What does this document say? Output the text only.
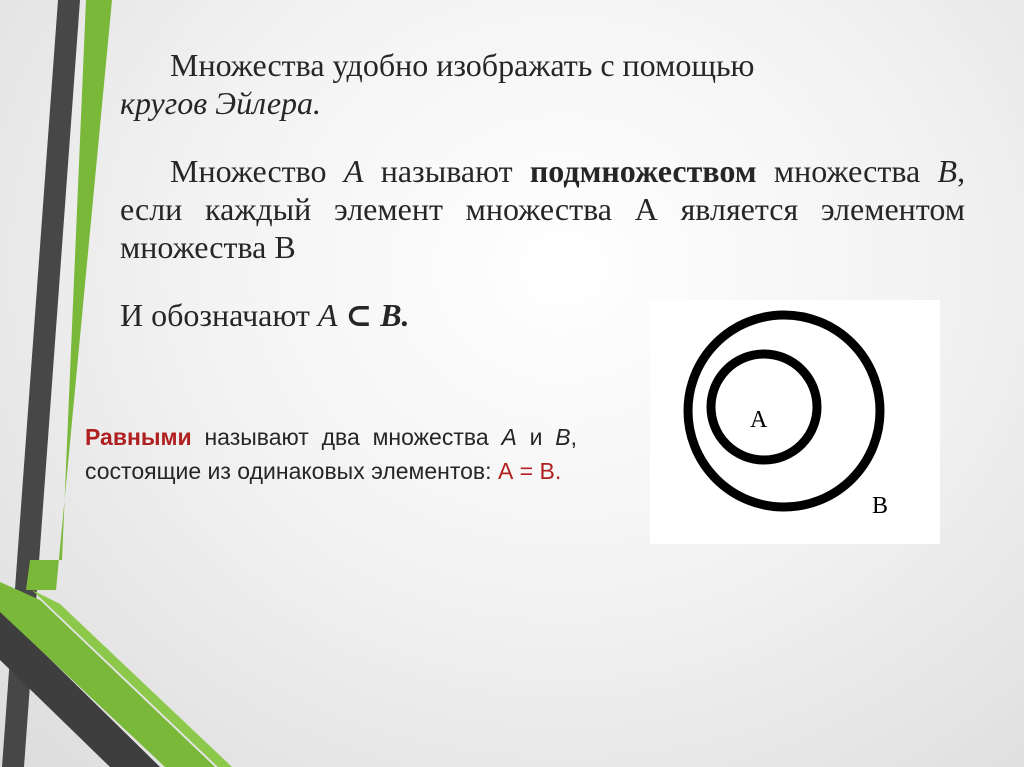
Множества удобно изображать с помощью
кругов Эйлера.
Множество А называют подмножеством множества В, если каждый элемент множества А является элементом множества В
И обозначают А ⊂ В.
Равными называют два множества А и В, состоящие из одинаковых элементов: А = В.
А
В
